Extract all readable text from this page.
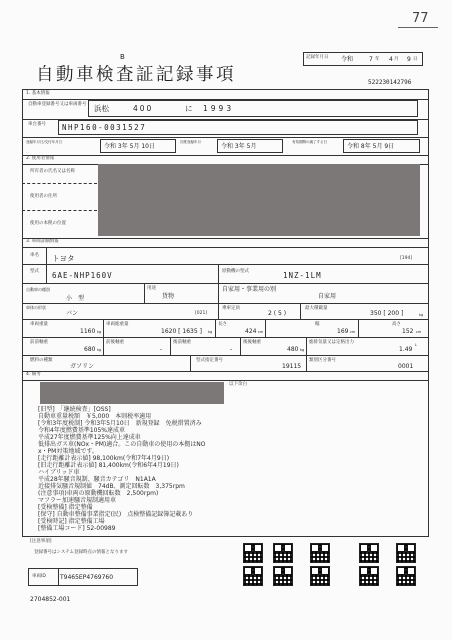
77
B	記録年月日 令和	7 年 4 月 9 日
自動車検査証記録事項	522230142796
1. 基本情報
自動車登録番号又は車両番号 浜松	400	に 1993
車台番号 NHP160-0031527
登録年月日/交付年月日
令和 3年 5月 10日
初度登録年月
令和 3年 5月
有効期間の満了する日
令和 8年 5月 9日
2. 使用者情報
所有者の氏名又は名称
使用者の住所
使用の本拠の位置
3. 車両詳細情報
車名 トヨタ	[194]
型式 6AE-NHP160V	原動機の型式	1NZ-1LM
自動車の種別
小　型
用途
貨物
自家用・事業用の別
自家用
車体の形状
バン	[021]
乗車定員
2 ( 5 )
最大積載量
350 [ 200 ]	kg
車両重量
1160 kg
車両総重量
1620 [ 1635 ] kg
長さ
424 cm
幅
169 cm
高さ
152 cm
前前軸重
680 kg
前後軸重
-
後前軸重
-
後後軸重
480 kg
総排気量又は定格出力
1.49
L
燃料の種類
ガソリン
型式指定番号
19115
類別区分番号
0001
4. 備考
以下余白
[旧型]　「継続検査」[OSS]
自動車重量税額　￥5,000　本則税率適用
[令和3年度税制] 令和3年5月10日　新規登録　免税措置済み
令和4年度燃費基準105%達成車
平成27年度燃費基準125%向上達成車
低排出ガス車(NOx・PM)適合。この自動車の使用の本拠はNO
x・PM対策地域です。
[走行距離計表示値] 98,100km(令和7年4月9日)
[旧走行距離計表示値] 81,400km(令和6年4月19日)
ハイブリッド車
平成28年騒音規制、騒音カテゴリ　N1A1A
近接排気騒音規制値　74dB、測定回転数　3,375rpm
(注意事項)車両の原動機回転数　2,500rpm)
マフラー加速騒音規制適用車
[受検整備] 指定整備
[保守] 自動車整備事業指定(民)　点検整備記録簿記載あり
[受検時記] 指定整備工場
[整備工場コード] 52-00989
[注意事項]
登録番号はシステム登録時点の情報となります
車両ID T9465EP4769760
2704852-001
